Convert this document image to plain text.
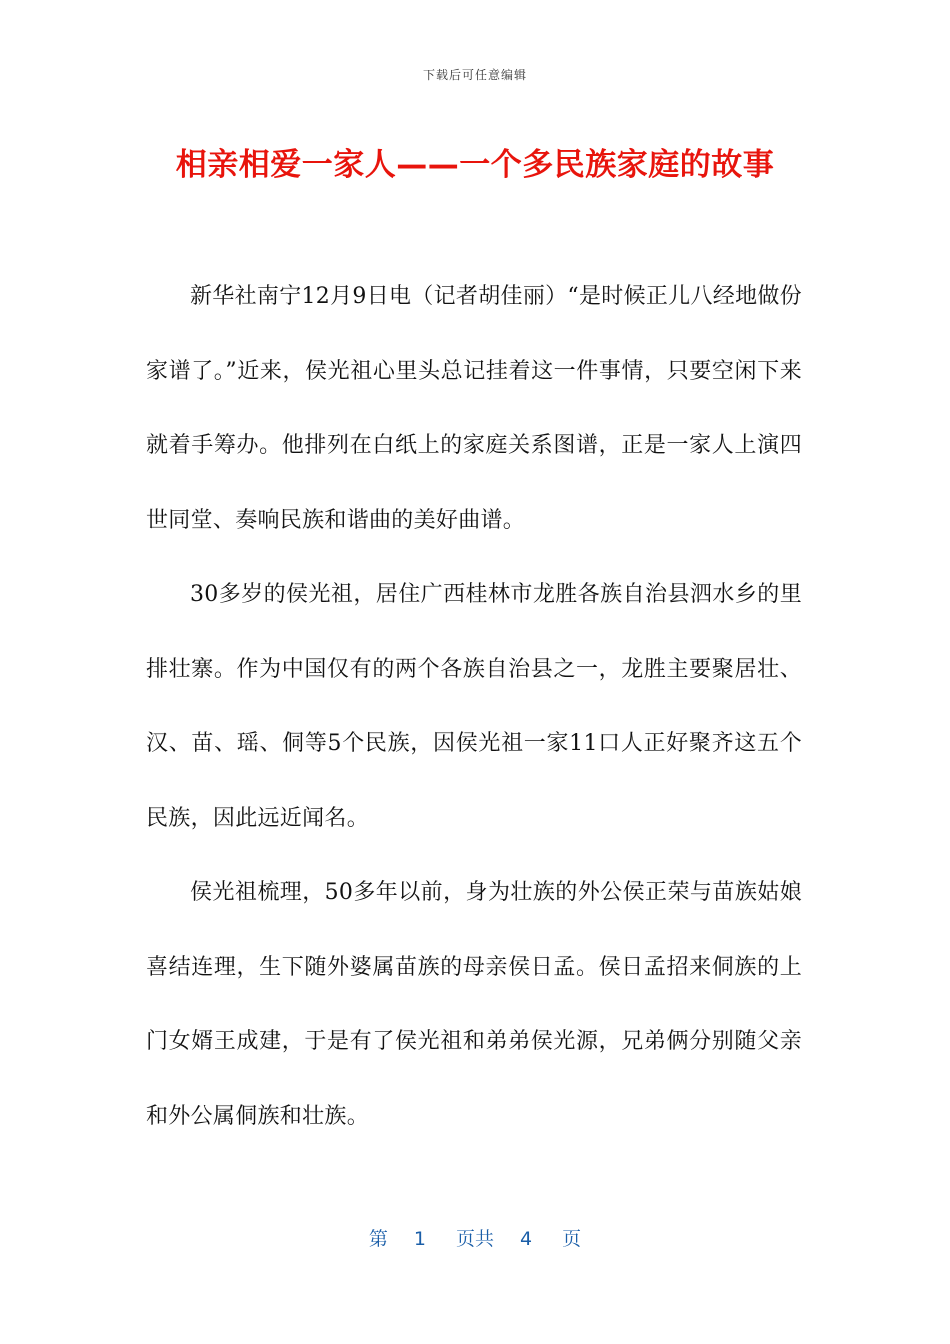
下载后可任意编辑
相亲相爱一家人——一个多民族家庭的故事

新华社南宁12月9日电（记者胡佳丽）“是时候正儿八经地做份家谱了。”近来，侯光祖心里头总记挂着这一件事情，只要空闲下来就着手筹办。他排列在白纸上的家庭关系图谱，正是一家人上演四世同堂、奏响民族和谐曲的美好曲谱。

30多岁的侯光祖，居住广西桂林市龙胜各族自治县泗水乡的里排壮寨。作为中国仅有的两个各族自治县之一，龙胜主要聚居壮、汉、苗、瑶、侗等5个民族，因侯光祖一家11口人正好聚齐这五个民族，因此远近闻名。

侯光祖梳理，50多年以前，身为壮族的外公侯正荣与苗族姑娘喜结连理，生下随外婆属苗族的母亲侯日孟。侯日孟招来侗族的上门女婿王成建，于是有了侯光祖和弟弟侯光源，兄弟俩分别随父亲和外公属侗族和壮族。

第 1 页共 4 页
